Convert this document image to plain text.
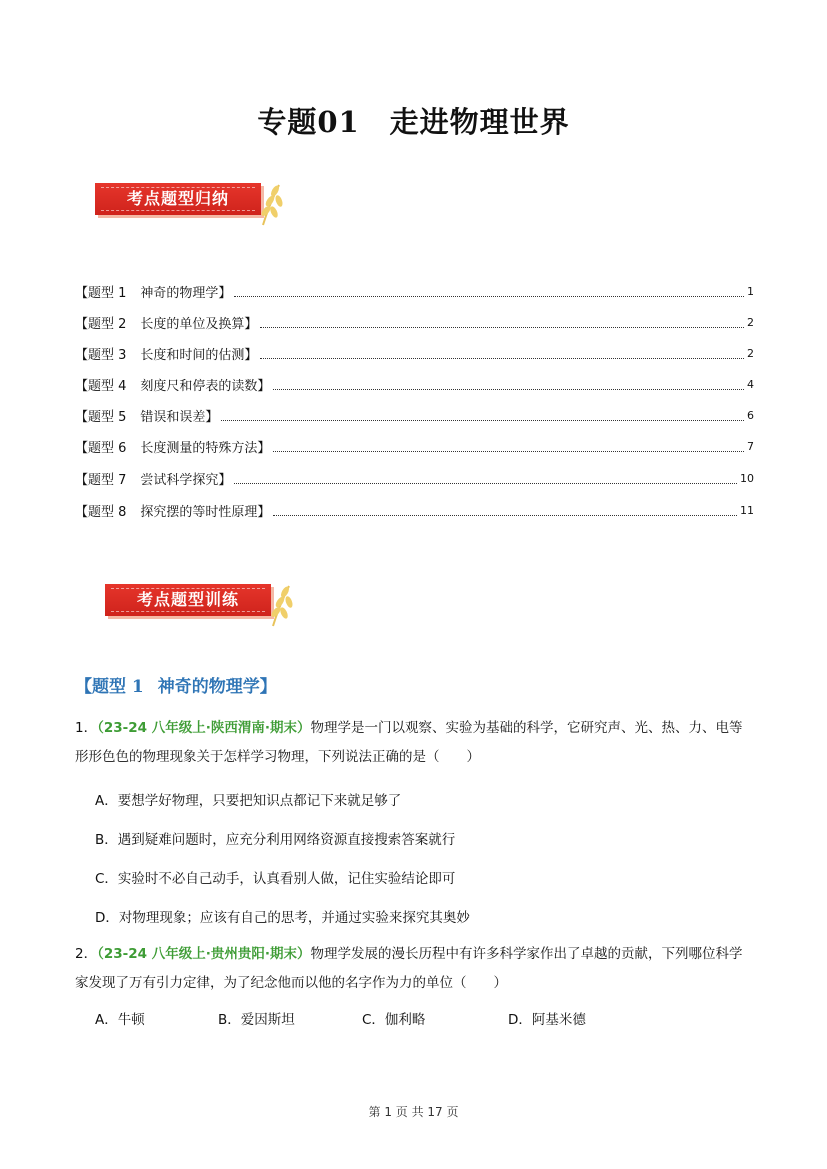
专题01　走进物理世界
考点题型归纳
【题型 1 神奇的物理学】	1
【题型 2 长度的单位及换算】	2
【题型 3 长度和时间的估测】	2
【题型 4 刻度尺和停表的读数】	4
【题型 5 错误和误差】	6
【题型 6 长度测量的特殊方法】	7
【题型 7 尝试科学探究】	10
【题型 8 探究摆的等时性原理】	11
考点题型训练
【题型 1 神奇的物理学】
1．（23-24 八年级上·陕西渭南·期末）物理学是一门以观察、实验为基础的科学，它研究声、光、热、力、电等形形色色的物理现象关于怎样学习物理，下列说法正确的是（　　）
A．要想学好物理，只要把知识点都记下来就足够了
B．遇到疑难问题时，应充分利用网络资源直接搜索答案就行
C．实验时不必自己动手，认真看别人做，记住实验结论即可
D．对物理现象；应该有自己的思考，并通过实验来探究其奥妙
2．（23-24 八年级上·贵州贵阳·期末）物理学发展的漫长历程中有许多科学家作出了卓越的贡献，下列哪位科学家发现了万有引力定律，为了纪念他而以他的名字作为力的单位（　　）
A．牛顿	B．爱因斯坦	C．伽利略	D．阿基米德
第 1 页 共 17 页
